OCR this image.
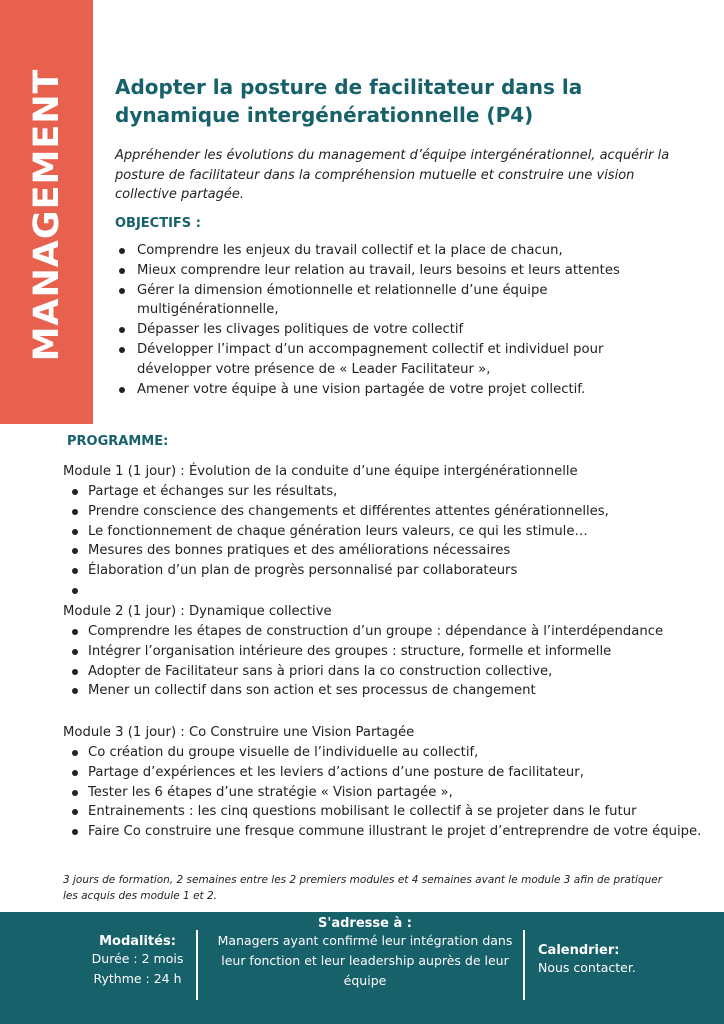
MANAGEMENT Adopter la posture de facilitateur dans la dynamique intergénérationnelle (P4)

Appréhender les évolutions du management d’équipe intergénérationnel, acquérir la posture de facilitateur dans la compréhension mutuelle et construire une vision collective partagée.

OBJECTIFS :
Comprendre les enjeux du travail collectif et la place de chacun,
Mieux comprendre leur relation au travail, leurs besoins et leurs attentes
Gérer la dimension émotionnelle et relationnelle d’une équipe multigénérationnelle,
Dépasser les clivages politiques de votre collectif
Développer l’impact d’un accompagnement collectif et individuel pour développer votre présence de « Leader Facilitateur »,
Amener votre équipe à une vision partagée de votre projet collectif.
PROGRAMME:
Module 1 (1 jour) : Évolution de la conduite d’une équipe intergénérationnelle
Partage et échanges sur les résultats,
Prendre conscience des changements et différentes attentes générationnelles,
Le fonctionnement de chaque génération leurs valeurs, ce qui les stimule…
Mesures des bonnes pratiques et des améliorations nécessaires
Élaboration d’un plan de progrès personnalisé par collaborateurs
Module 2 (1 jour) : Dynamique collective
Comprendre les étapes de construction d’un groupe : dépendance à l’interdépendance
Intégrer l’organisation intérieure des groupes : structure, formelle et informelle
Adopter de Facilitateur sans à priori dans la co construction collective,
Mener un collectif dans son action et ses processus de changement
Module 3 (1 jour) : Co Construire une Vision Partagée
Co création du groupe visuelle de l’individuelle au collectif,
Partage d’expériences et les leviers d’actions d’une posture de facilitateur,
Tester les 6 étapes d’une stratégie « Vision partagée »,
Entrainements : les cinq questions mobilisant le collectif à se projeter dans le futur
Faire Co construire une fresque commune illustrant le projet d’entreprendre de votre équipe.

3 jours de formation, 2 semaines entre les 2 premiers modules et 4 semaines avant le module 3 afin de pratiquer les acquis des module 1 et 2.

Modalités:
Durée : 2 mois
Rythme : 24 h
S'adresse à :
Managers ayant confirmé leur intégration dans leur fonction et leur leadership auprès de leur équipe
Calendrier:
Nous contacter.
